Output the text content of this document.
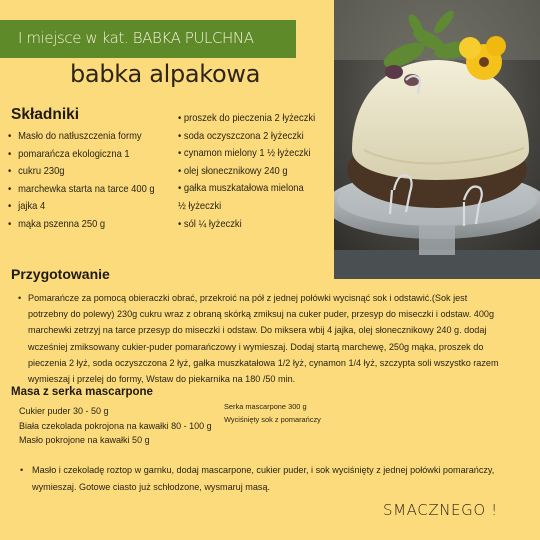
I miejsce w kat. BABKA PULCHNA
babka alpakowa
Składniki
• Masło do natłuszczenia formy
• pomarańcza ekologiczna 1
• cukru 230g
• marchewka starta na tarce 400 g
• jajka 4
• mąka pszenna 250 g
• proszek do pieczenia 2 łyżeczki
• soda oczyszczona 2 łyżeczki
• cynamon mielony 1 ½ łyżeczki
• olej słonecznikowy 240 g
• gałka muszkatałowa mielona
½ łyżeczki
• sól ¼ łyżeczki
Przygotowanie
• Pomarańcze za pomocą obieraczki obrać, przekroić na pół z jednej połówki wycisnąć sok i odstawić.(Sok jest potrzebny do polewy) 230g cukru wraz z obraną skórką zmiksuj na cuker puder, przesyp do miseczki i odstaw. 400g marchewki zetrzyj na tarce przesyp do miseczki i odstaw. Do miksera wbij 4 jajka, olej słonecznikowy 240 g. dodaj wcześniej zmiksowany cukier-puder pomarańczowy i wymieszaj. Dodaj startą marchewę, 250g mąka, proszek do pieczenia 2 łyż, soda oczyszczona 2 łyż, gałka muszkatałowa 1/2 łyż, cynamon 1/4 łyż, szczypta soli wszystko razem wymieszaj i przelej do formy, Wstaw do piekarnika na 180 /50 min.
Masa z serka mascarpone
Cukier puder 30 - 50 g
Biała czekolada pokrojona na kawałki 80 - 100 g
Masło pokrojone na kawałki 50 g
Serka mascarpone 300 g
Wyciśnięty sok z pomarańczy
• Masło i czekoladę roztop w garnku, dodaj mascarpone, cukier puder, i sok wyciśnięty z jednej połówki pomarańczy, wymieszaj. Gotowe ciasto już schłodzone, wysmaruj masą.
SMACZNEGO !
